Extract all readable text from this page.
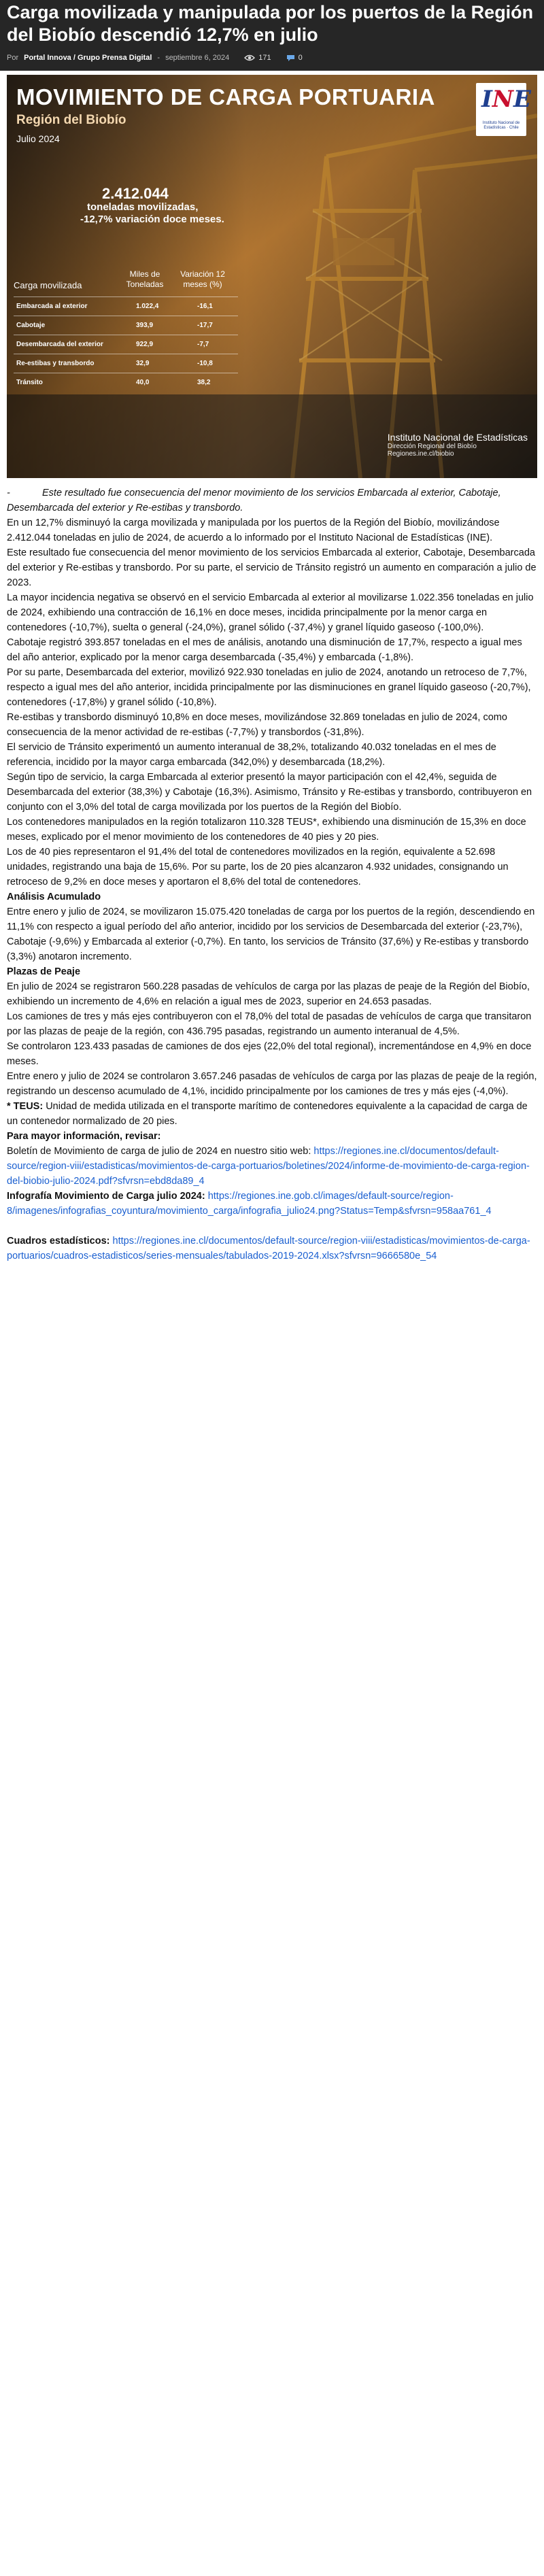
Carga movilizada y manipulada por los puertos de la Región del Biobío descendió 12,7% en julio
Por Portal Innova / Grupo Prensa Digital - septiembre 6, 2024	171	0
MOVIMIENTO DE CARGA PORTUARIA
Región del Biobío
Julio 2024
INE
Instituto Nacional de Estadísticas · Chile
2.412.044
toneladas movilizadas,
-12,7% variación doce meses.
Carga movilizada
Miles de Toneladas
Variación 12 meses (%)
Embarcada al exterior	1.022,4	-16,1
Cabotaje	393,9	-17,7
Desembarcada del exterior	922,9	-7,7
Re-estibas y transbordo	32,9	-10,8
Tránsito	40,0	38,2
Instituto Nacional de Estadísticas
Dirección Regional del Biobío
Regiones.ine.cl/biobio

-	Este resultado fue consecuencia del menor movimiento de los servicios Embarcada al exterior, Cabotaje, Desembarcada del exterior y Re-estibas y transbordo.

En un 12,7% disminuyó la carga movilizada y manipulada por los puertos de la Región del Biobío, movilizándose 2.412.044 toneladas en julio de 2024, de acuerdo a lo informado por el Instituto Nacional de Estadísticas (INE).

Este resultado fue consecuencia del menor movimiento de los servicios Embarcada al exterior, Cabotaje, Desembarcada del exterior y Re-estibas y transbordo. Por su parte, el servicio de Tránsito registró un aumento en comparación a julio de 2023.

La mayor incidencia negativa se observó en el servicio Embarcada al exterior al movilizarse 1.022.356 toneladas en julio de 2024, exhibiendo una contracción de 16,1% en doce meses, incidida principalmente por la menor carga en contenedores (-10,7%), suelta o general (-24,0%), granel sólido (-37,4%) y granel líquido gaseoso (-100,0%).

Cabotaje registró 393.857 toneladas en el mes de análisis, anotando una disminución de 17,7%, respecto a igual mes del año anterior, explicado por la menor carga desembarcada (-35,4%) y embarcada (-1,8%).

Por su parte, Desembarcada del exterior, movilizó 922.930 toneladas en julio de 2024, anotando un retroceso de 7,7%, respecto a igual mes del año anterior, incidida principalmente por las disminuciones en granel líquido gaseoso (-20,7%), contenedores (-17,8%) y granel sólido (-10,8%).

Re-estibas y transbordo disminuyó 10,8% en doce meses, movilizándose 32.869 toneladas en julio de 2024, como consecuencia de la menor actividad de re-estibas (-7,7%) y transbordos (-31,8%).

El servicio de Tránsito experimentó un aumento interanual de 38,2%, totalizando 40.032 toneladas en el mes de referencia, incidido por la mayor carga embarcada (342,0%) y desembarcada (18,2%).

Según tipo de servicio, la carga Embarcada al exterior presentó la mayor participación con el 42,4%, seguida de Desembarcada del exterior (38,3%) y Cabotaje (16,3%). Asimismo, Tránsito y Re-estibas y transbordo, contribuyeron en conjunto con el 3,0% del total de carga movilizada por los puertos de la Región del Biobío.

Los contenedores manipulados en la región totalizaron 110.328 TEUS*, exhibiendo una disminución de 15,3% en doce meses, explicado por el menor movimiento de los contenedores de 40 pies y 20 pies.

Los de 40 pies representaron el 91,4% del total de contenedores movilizados en la región, equivalente a 52.698 unidades, registrando una baja de 15,6%. Por su parte, los de 20 pies alcanzaron 4.932 unidades, consignando un retroceso de 9,2% en doce meses y aportaron el 8,6% del total de contenedores.

Análisis Acumulado

Entre enero y julio de 2024, se movilizaron 15.075.420 toneladas de carga por los puertos de la región, descendiendo en 11,1% con respecto a igual período del año anterior, incidido por los servicios de Desembarcada del exterior (-23,7%), Cabotaje (-9,6%) y Embarcada al exterior (-0,7%). En tanto, los servicios de Tránsito (37,6%) y Re-estibas y transbordo (3,3%) anotaron incremento.

Plazas de Peaje

En julio de 2024 se registraron 560.228 pasadas de vehículos de carga por las plazas de peaje de la Región del Biobío, exhibiendo un incremento de 4,6% en relación a igual mes de 2023, superior en 24.653 pasadas.

Los camiones de tres y más ejes contribuyeron con el 78,0% del total de pasadas de vehículos de carga que transitaron por las plazas de peaje de la región, con 436.795 pasadas, registrando un aumento interanual de 4,5%.

Se controlaron 123.433 pasadas de camiones de dos ejes (22,0% del total regional), incrementándose en 4,9% en doce meses.

Entre enero y julio de 2024 se controlaron 3.657.246 pasadas de vehículos de carga por las plazas de peaje de la región, registrando un descenso acumulado de 4,1%, incidido principalmente por los camiones de tres y más ejes (-4,0%).

* TEUS: Unidad de medida utilizada en el transporte marítimo de contenedores equivalente a la capacidad de carga de un contenedor normalizado de 20 pies.

Para mayor información, revisar:

Boletín de Movimiento de carga de julio de 2024 en nuestro sitio web: https://regiones.ine.cl/documentos/default-source/region-viii/estadisticas/movimientos-de-carga-portuarios/boletines/2024/informe-de-movimiento-de-carga-region-del-biobio-julio-2024.pdf?sfvrsn=ebd8da89_4

Infografía Movimiento de Carga julio 2024: https://regiones.ine.gob.cl/images/default-source/region-8/imagenes/infografias_coyuntura/movimiento_carga/infografia_julio24.png?Status=Temp&sfvrsn=958aa761_4

Cuadros estadísticos: https://regiones.ine.cl/documentos/default-source/region-viii/estadisticas/movimientos-de-carga-portuarios/cuadros-estadisticos/series-mensuales/tabulados-2019-2024.xlsx?sfvrsn=9666580e_54
